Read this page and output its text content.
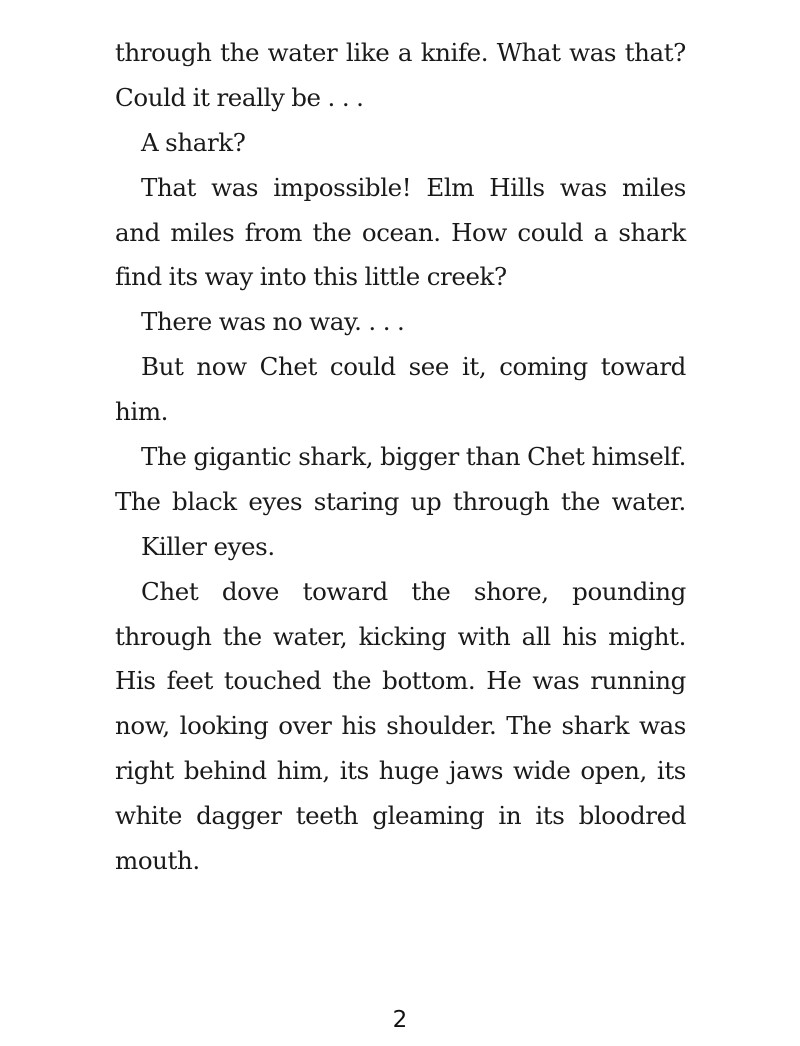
through the water like a knife. What was that?
Could it really be . . .
A shark?
That was impossible! Elm Hills was miles
and miles from the ocean. How could a shark
find its way into this little creek?
There was no way. . . .
But now Chet could see it, coming toward
him.
The gigantic shark, bigger than Chet himself.
The black eyes staring up through the water.
Killer eyes.
Chet dove toward the shore, pounding
through the water, kicking with all his might.
His feet touched the bottom. He was running
now, looking over his shoulder. The shark was
right behind him, its huge jaws wide open, its
white dagger teeth gleaming in its bloodred
mouth.
2
